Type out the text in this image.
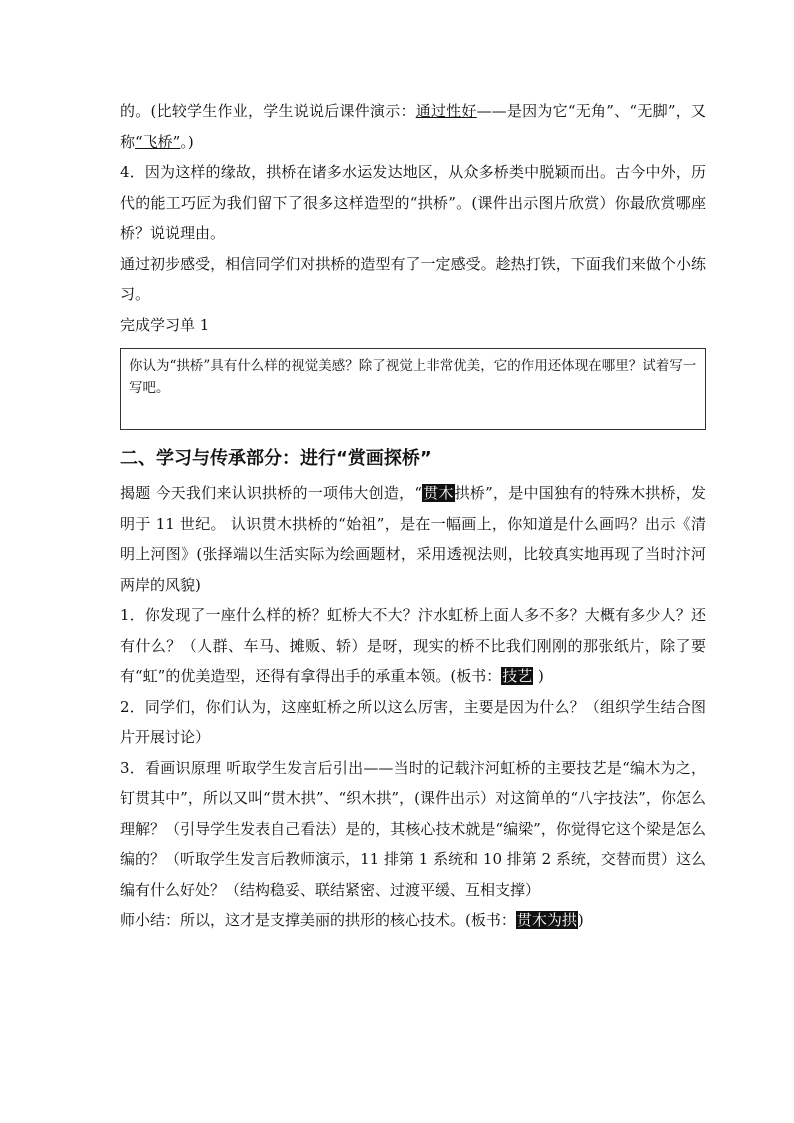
的。(比较学生作业，学生说说后课件演示：通过性好——是因为它“无角”、“无脚”，又称“飞桥”。)

4．因为这样的缘故，拱桥在诸多水运发达地区，从众多桥类中脱颖而出。古今中外，历代的能工巧匠为我们留下了很多这样造型的“拱桥”。(课件出示图片欣赏）你最欣赏哪座桥？说说理由。

通过初步感受，相信同学们对拱桥的造型有了一定感受。趁热打铁，下面我们来做个小练习。

完成学习单 1

你认为“拱桥”具有什么样的视觉美感？除了视觉上非常优美，它的作用还体现在哪里？试着写一写吧。
二、学习与传承部分：进行“赏画探桥”

揭题 今天我们来认识拱桥的一项伟大创造，“贯木拱桥”，是中国独有的特殊木拱桥，发明于 11 世纪。 认识贯木拱桥的“始祖”，是在一幅画上，你知道是什么画吗？出示《清明上河图》(张择端以生活实际为绘画题材，采用透视法则，比较真实地再现了当时汴河两岸的风貌)

1．你发现了一座什么样的桥？虹桥大不大？汴水虹桥上面人多不多？大概有多少人？还有什么？（人群、车马、摊贩、轿）是呀，现实的桥不比我们刚刚的那张纸片，除了要有“虹”的优美造型，还得有拿得出手的承重本领。(板书：技艺 )

2．同学们，你们认为，这座虹桥之所以这么厉害，主要是因为什么？（组织学生结合图片开展讨论）

3．看画识原理 听取学生发言后引出——当时的记载汴河虹桥的主要技艺是“编木为之，钉贯其中”，所以又叫“贯木拱”、“织木拱”，(课件出示）对这简单的“八字技法”，你怎么理解？（引导学生发表自己看法）是的，其核心技术就是“编梁”，你觉得它这个梁是怎么编的？（听取学生发言后教师演示，11 排第 1 系统和 10 排第 2 系统，交替而贯）这么编有什么好处？（结构稳妥、联结紧密、过渡平缓、互相支撑）

师小结：所以，这才是支撑美丽的拱形的核心技术。(板书：贯木为拱)
